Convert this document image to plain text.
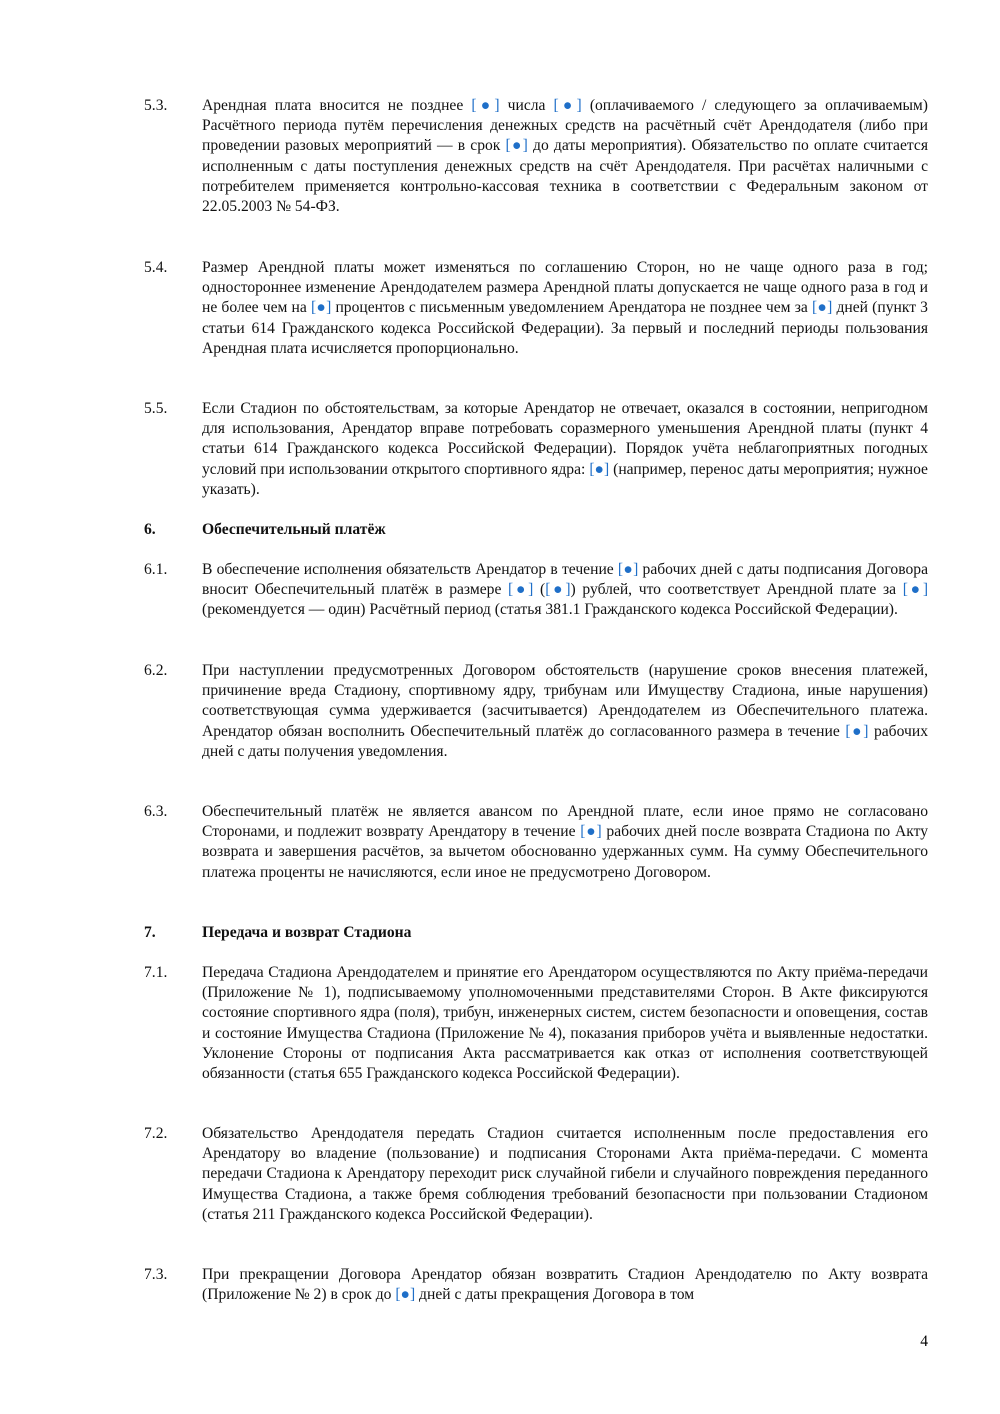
5.3.	Арендная плата вносится не позднее [●] числа [●] (оплачиваемого / следующего за оплачиваемым) Расчётного периода путём перечисления денежных средств на расчётный счёт Арендодателя (либо при проведении разовых мероприятий — в срок [●] до даты мероприятия). Обязательство по оплате считается исполненным с даты поступления денежных средств на счёт Арендодателя. При расчётах наличными с потребителем применяется контрольно-кассовая техника в соответствии с Федеральным законом от 22.05.2003 № 54-ФЗ.
5.4.	Размер Арендной платы может изменяться по соглашению Сторон, но не чаще одного раза в год; одностороннее изменение Арендодателем размера Арендной платы допускается не чаще одного раза в год и не более чем на [●] процентов с письменным уведомлением Арендатора не позднее чем за [●] дней (пункт 3 статьи 614 Гражданского кодекса Российской Федерации). За первый и последний периоды пользования Арендная плата исчисляется пропорционально.
5.5.	Если Стадион по обстоятельствам, за которые Арендатор не отвечает, оказался в состоянии, непригодном для использования, Арендатор вправе потребовать соразмерного уменьшения Арендной платы (пункт 4 статьи 614 Гражданского кодекса Российской Федерации). Порядок учёта неблагоприятных погодных условий при использовании открытого спортивного ядра: [●] (например, перенос даты мероприятия; нужное указать).
6.	Обеспечительный платёж
6.1.	В обеспечение исполнения обязательств Арендатор в течение [●] рабочих дней с даты подписания Договора вносит Обеспечительный платёж в размере [●] ([●]) рублей, что соответствует Арендной плате за [●] (рекомендуется — один) Расчётный период (статья 381.1 Гражданского кодекса Российской Федерации).
6.2.	При наступлении предусмотренных Договором обстоятельств (нарушение сроков внесения платежей, причинение вреда Стадиону, спортивному ядру, трибунам или Имуществу Стадиона, иные нарушения) соответствующая сумма удерживается (засчитывается) Арендодателем из Обеспечительного платежа. Арендатор обязан восполнить Обеспечительный платёж до согласованного размера в течение [●] рабочих дней с даты получения уведомления.
6.3.	Обеспечительный платёж не является авансом по Арендной плате, если иное прямо не согласовано Сторонами, и подлежит возврату Арендатору в течение [●] рабочих дней после возврата Стадиона по Акту возврата и завершения расчётов, за вычетом обоснованно удержанных сумм. На сумму Обеспечительного платежа проценты не начисляются, если иное не предусмотрено Договором.
7.	Передача и возврат Стадиона
7.1.	Передача Стадиона Арендодателем и принятие его Арендатором осуществляются по Акту приёма-передачи (Приложение № 1), подписываемому уполномоченными представителями Сторон. В Акте фиксируются состояние спортивного ядра (поля), трибун, инженерных систем, систем безопасности и оповещения, состав и состояние Имущества Стадиона (Приложение № 4), показания приборов учёта и выявленные недостатки. Уклонение Стороны от подписания Акта рассматривается как отказ от исполнения соответствующей обязанности (статья 655 Гражданского кодекса Российской Федерации).
7.2.	Обязательство Арендодателя передать Стадион считается исполненным после предоставления его Арендатору во владение (пользование) и подписания Сторонами Акта приёма-передачи. С момента передачи Стадиона к Арендатору переходит риск случайной гибели и случайного повреждения переданного Имущества Стадиона, а также бремя соблюдения требований безопасности при пользовании Стадионом (статья 211 Гражданского кодекса Российской Федерации).
7.3.	При прекращении Договора Арендатор обязан возвратить Стадион Арендодателю по Акту возврата (Приложение № 2) в срок до [●] дней с даты прекращения Договора в том
4
